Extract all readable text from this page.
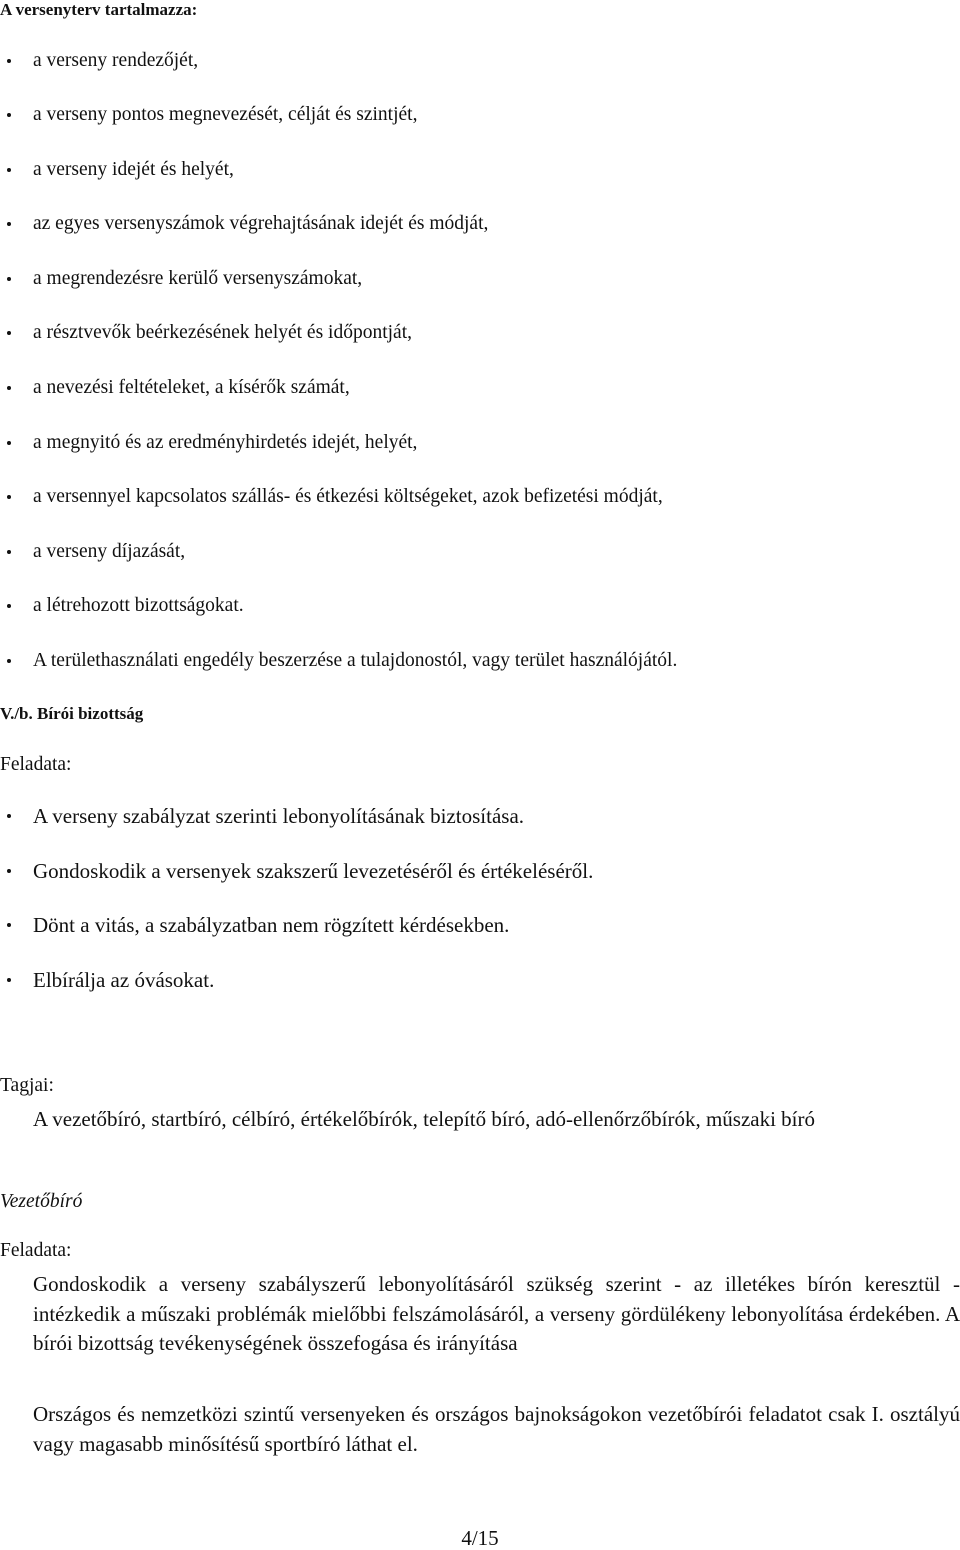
A versenyterv tartalmazza:
a verseny rendezőjét,
a verseny pontos megnevezését, célját és szintjét,
a verseny idejét és helyét,
az egyes versenyszámok végrehajtásának idejét és módját,
a megrendezésre kerülő versenyszámokat,
a résztvevők beérkezésének helyét és időpontját,
a nevezési feltételeket, a kísérők számát,
a megnyitó és az eredményhirdetés idejét, helyét,
a versennyel kapcsolatos szállás- és étkezési költségeket, azok befizetési módját,
a verseny díjazását,
a létrehozott bizottságokat.
A területhasználati engedély beszerzése a tulajdonostól, vagy terület használójától.
V./b. Bírói bizottság
Feladata:
A verseny szabályzat szerinti lebonyolításának biztosítása.
Gondoskodik a versenyek szakszerű levezetéséről és értékeléséről.
Dönt a vitás, a szabályzatban nem rögzített kérdésekben.
Elbírálja az óvásokat.
Tagjai:
A vezetőbíró, startbíró, célbíró, értékelőbírók, telepítő bíró, adó-ellenőrzőbírók, műszaki bíró
Vezetőbíró
Feladata:
Gondoskodik a verseny szabályszerű lebonyolításáról szükség szerint - az illetékes bírón keresztül - intézkedik a műszaki problémák mielőbbi felszámolásáról, a verseny gördülékeny lebonyolítása érdekében. A bírói bizottság tevékenységének összefogása és irányítása
Országos és nemzetközi szintű versenyeken és országos bajnokságokon vezetőbírói feladatot csak I. osztályú vagy magasabb minősítésű sportbíró láthat el.
4/15
